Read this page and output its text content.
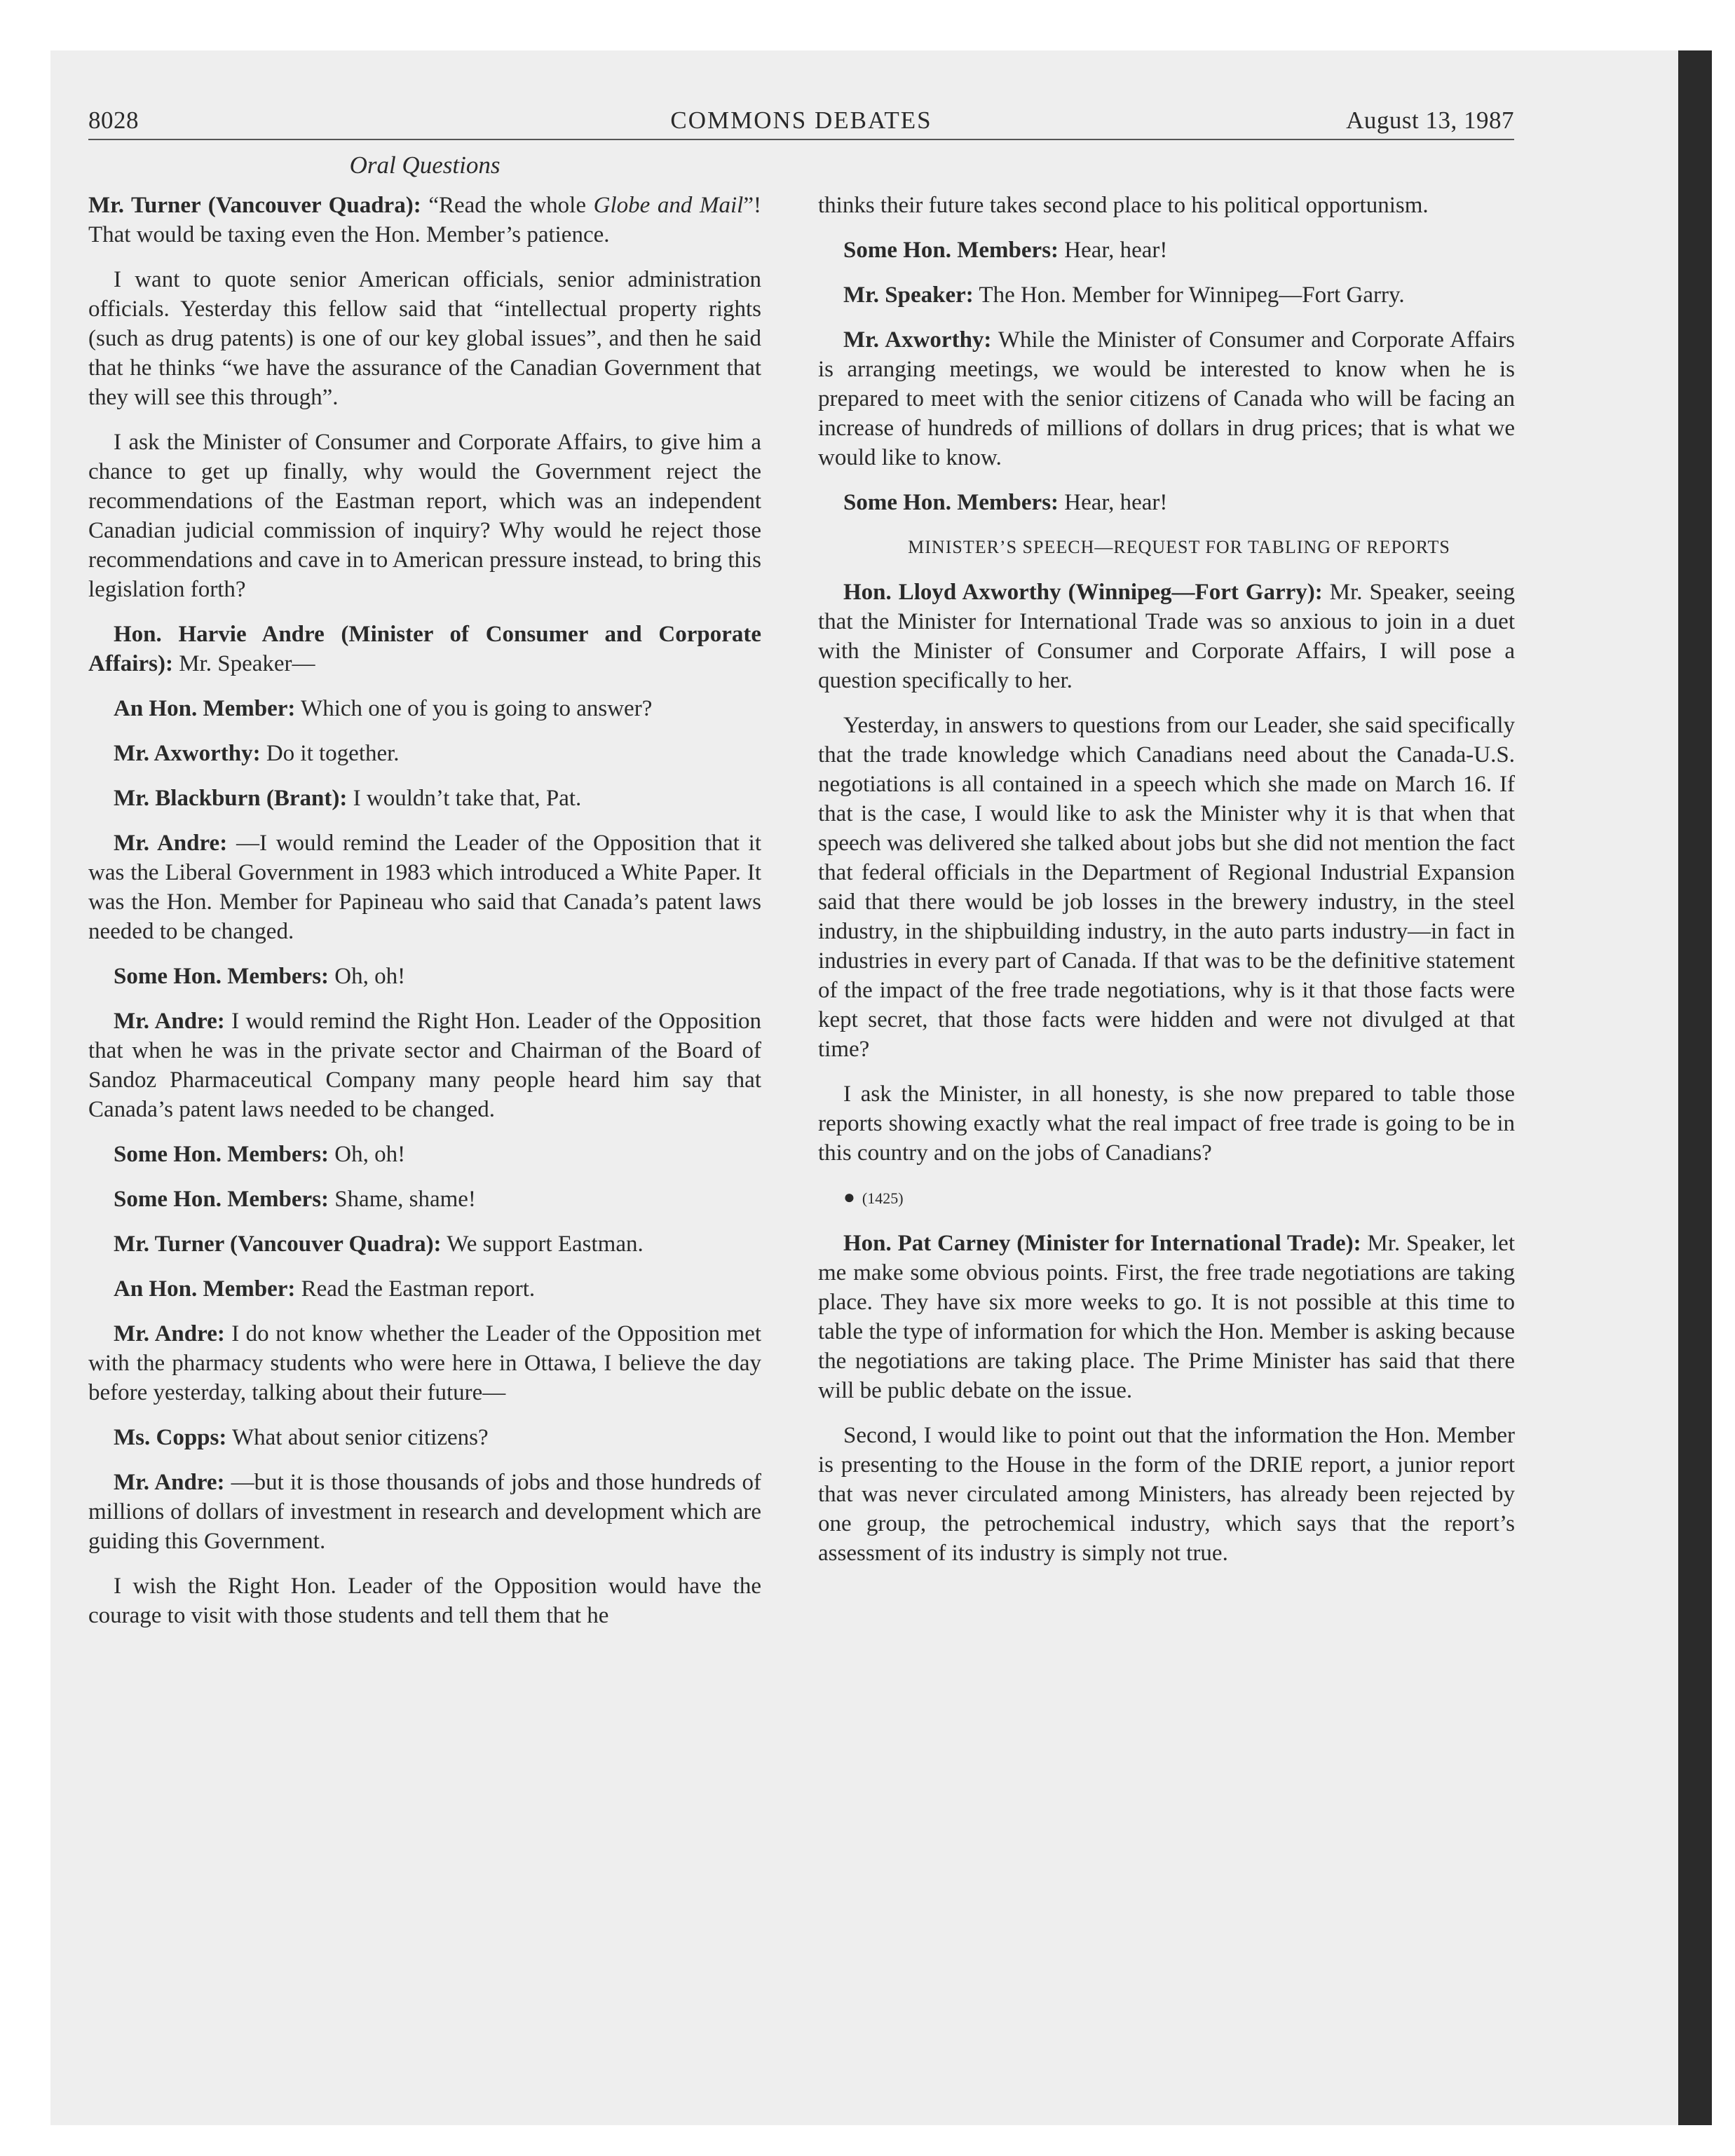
8028	COMMONS DEBATES	August 13, 1987
Oral Questions

Mr. Turner (Vancouver Quadra): “Read the whole Globe and Mail”! That would be taxing even the Hon. Member’s patience.

I want to quote senior American officials, senior administration officials. Yesterday this fellow said that “intellectual property rights (such as drug patents) is one of our key global issues”, and then he said that he thinks “we have the assurance of the Canadian Government that they will see this through”.

I ask the Minister of Consumer and Corporate Affairs, to give him a chance to get up finally, why would the Government reject the recommendations of the Eastman report, which was an independent Canadian judicial commission of inquiry? Why would he reject those recommendations and cave in to American pressure instead, to bring this legislation forth?

Hon. Harvie Andre (Minister of Consumer and Corporate Affairs): Mr. Speaker—

An Hon. Member: Which one of you is going to answer?

Mr. Axworthy: Do it together.

Mr. Blackburn (Brant): I wouldn’t take that, Pat.

Mr. Andre: —I would remind the Leader of the Opposition that it was the Liberal Government in 1983 which introduced a White Paper. It was the Hon. Member for Papineau who said that Canada’s patent laws needed to be changed.

Some Hon. Members: Oh, oh!

Mr. Andre: I would remind the Right Hon. Leader of the Opposition that when he was in the private sector and Chairman of the Board of Sandoz Pharmaceutical Company many people heard him say that Canada’s patent laws needed to be changed.

Some Hon. Members: Oh, oh!

Some Hon. Members: Shame, shame!

Mr. Turner (Vancouver Quadra): We support Eastman.

An Hon. Member: Read the Eastman report.

Mr. Andre: I do not know whether the Leader of the Opposition met with the pharmacy students who were here in Ottawa, I believe the day before yesterday, talking about their future—

Ms. Copps: What about senior citizens?

Mr. Andre: —but it is those thousands of jobs and those hundreds of millions of dollars of investment in research and development which are guiding this Government.

I wish the Right Hon. Leader of the Opposition would have the courage to visit with those students and tell them that he

thinks their future takes second place to his political opportunism.

Some Hon. Members: Hear, hear!

Mr. Speaker: The Hon. Member for Winnipeg—Fort Garry.

Mr. Axworthy: While the Minister of Consumer and Corporate Affairs is arranging meetings, we would be interested to know when he is prepared to meet with the senior citizens of Canada who will be facing an increase of hundreds of millions of dollars in drug prices; that is what we would like to know.

Some Hon. Members: Hear, hear!

MINISTER’S SPEECH—REQUEST FOR TABLING OF REPORTS

Hon. Lloyd Axworthy (Winnipeg—Fort Garry): Mr. Speaker, seeing that the Minister for International Trade was so anxious to join in a duet with the Minister of Consumer and Corporate Affairs, I will pose a question specifically to her.

Yesterday, in answers to questions from our Leader, she said specifically that the trade knowledge which Canadians need about the Canada-U.S. negotiations is all contained in a speech which she made on March 16. If that is the case, I would like to ask the Minister why it is that when that speech was delivered she talked about jobs but she did not mention the fact that federal officials in the Department of Regional Industrial Expansion said that there would be job losses in the brewery industry, in the steel industry, in the shipbuilding industry, in the auto parts industry—in fact in industries in every part of Canada. If that was to be the definitive statement of the impact of the free trade negotiations, why is it that those facts were kept secret, that those facts were hidden and were not divulged at that time?

I ask the Minister, in all honesty, is she now prepared to table those reports showing exactly what the real impact of free trade is going to be in this country and on the jobs of Canadians?

● (1425)

Hon. Pat Carney (Minister for International Trade): Mr. Speaker, let me make some obvious points. First, the free trade negotiations are taking place. They have six more weeks to go. It is not possible at this time to table the type of information for which the Hon. Member is asking because the negotiations are taking place. The Prime Minister has said that there will be public debate on the issue.

Second, I would like to point out that the information the Hon. Member is presenting to the House in the form of the DRIE report, a junior report that was never circulated among Ministers, has already been rejected by one group, the petrochemical industry, which says that the report’s assessment of its industry is simply not true.
